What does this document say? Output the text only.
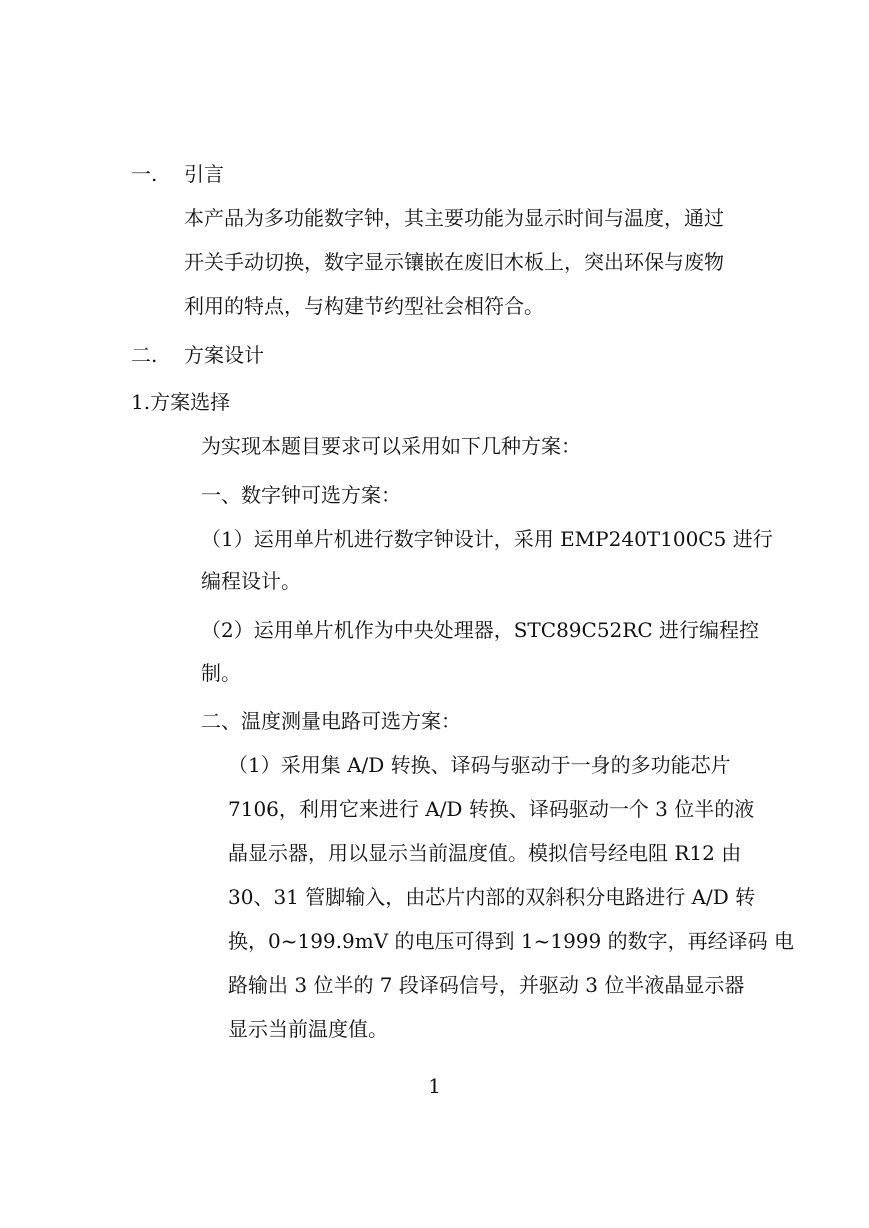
一. 引言
本产品为多功能数字钟，其主要功能为显示时间与温度，通过
开关手动切换，数字显示镶嵌在废旧木板上，突出环保与废物
利用的特点，与构建节约型社会相符合。
二. 方案设计
1.方案选择
为实现本题目要求可以采用如下几种方案：
一、数字钟可选方案：
（1）运用单片机进行数字钟设计，采用 EMP240T100C5 进行
编程设计。
（2）运用单片机作为中央处理器，STC89C52RC 进行编程控
制。
二、温度测量电路可选方案：
（1）采用集 A/D 转换、译码与驱动于一身的多功能芯片
7106，利用它来进行 A/D 转换、译码驱动一个 3 位半的液
晶显示器，用以显示当前温度值。模拟信号经电阻 R12 由
30、31 管脚输入，由芯片内部的双斜积分电路进行 A/D 转
换，0~199.9mV 的电压可得到 1~1999 的数字，再经译码 电
路输出 3 位半的 7 段译码信号，并驱动 3 位半液晶显示器
显示当前温度值。
1
